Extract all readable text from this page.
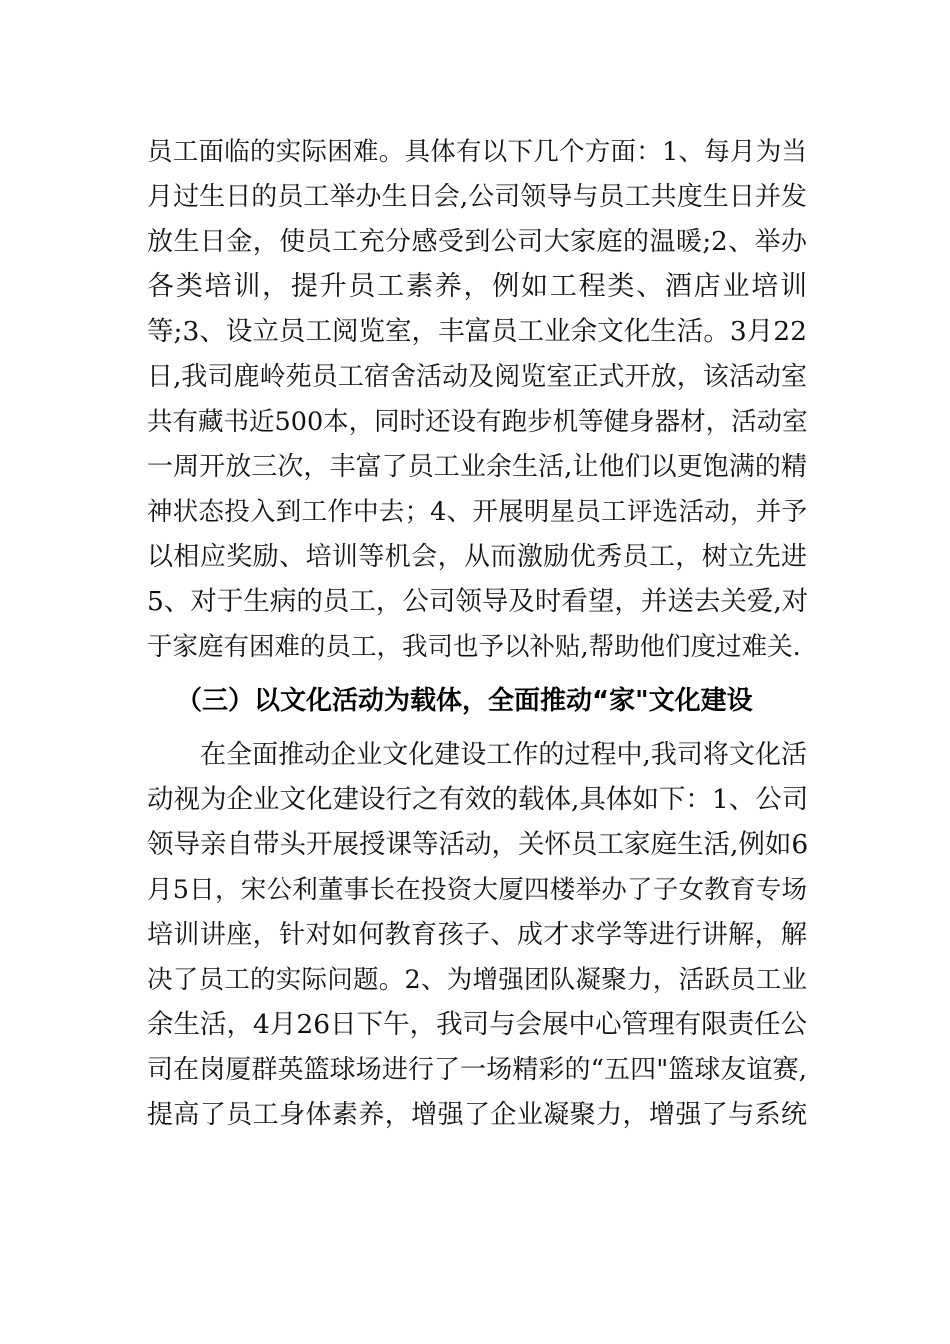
员工面临的实际困难。具体有以下几个方面：1、每月为当
月过生日的员工举办生日会,公司领导与员工共度生日并发
放生日金，使员工充分感受到公司大家庭的温暖;2、举办
各类培训，提升员工素养，例如工程类、酒店业培训
等;3、设立员工阅览室，丰富员工业余文化生活。3月22
日,我司鹿岭苑员工宿舍活动及阅览室正式开放，该活动室
共有藏书近500本，同时还设有跑步机等健身器材，活动室
一周开放三次，丰富了员工业余生活,让他们以更饱满的精
神状态投入到工作中去；4、开展明星员工评选活动，并予
以相应奖励、培训等机会，从而激励优秀员工，树立先进
5、对于生病的员工，公司领导及时看望，并送去关爱,对
于家庭有困难的员工，我司也予以补贴,帮助他们度过难关.
（三）以文化活动为载体，全面推动“家"文化建设
在全面推动企业文化建设工作的过程中,我司将文化活
动视为企业文化建设行之有效的载体,具体如下：1、公司
领导亲自带头开展授课等活动，关怀员工家庭生活,例如6
月5日，宋公利董事长在投资大厦四楼举办了子女教育专场
培训讲座，针对如何教育孩子、成才求学等进行讲解，解
决了员工的实际问题。2、为增强团队凝聚力，活跃员工业
余生活，4月26日下午，我司与会展中心管理有限责任公
司在岗厦群英篮球场进行了一场精彩的“五四"篮球友谊赛,
提高了员工身体素养，增强了企业凝聚力，增强了与系统
